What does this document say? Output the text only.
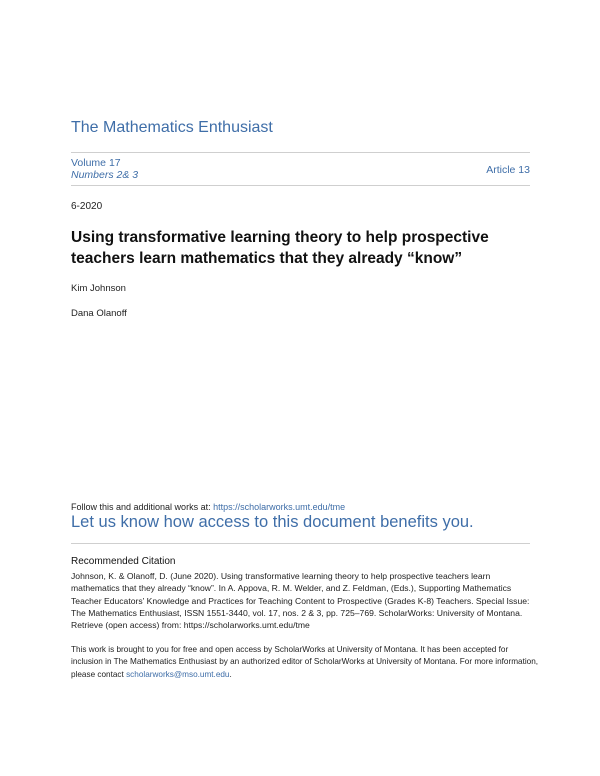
The Mathematics Enthusiast
Volume 17
Numbers 2& 3	Article 13
6-2020
Using transformative learning theory to help prospective teachers learn mathematics that they already “know”
Kim Johnson
Dana Olanoff
Follow this and additional works at: https://scholarworks.umt.edu/tme
Let us know how access to this document benefits you.
Recommended Citation
Johnson, K. & Olanoff, D. (June 2020). Using transformative learning theory to help prospective teachers learn mathematics that they already “know”. In A. Appova, R. M. Welder, and Z. Feldman, (Eds.), Supporting Mathematics Teacher Educators’ Knowledge and Practices for Teaching Content to Prospective (Grades K-8) Teachers. Special Issue: The Mathematics Enthusiast, ISSN 1551-3440, vol. 17, nos. 2 & 3, pp. 725–769. ScholarWorks: University of Montana. Retrieve (open access) from: https://scholarworks.umt.edu/tme
This work is brought to you for free and open access by ScholarWorks at University of Montana. It has been accepted for inclusion in The Mathematics Enthusiast by an authorized editor of ScholarWorks at University of Montana. For more information, please contact scholarworks@mso.umt.edu.
